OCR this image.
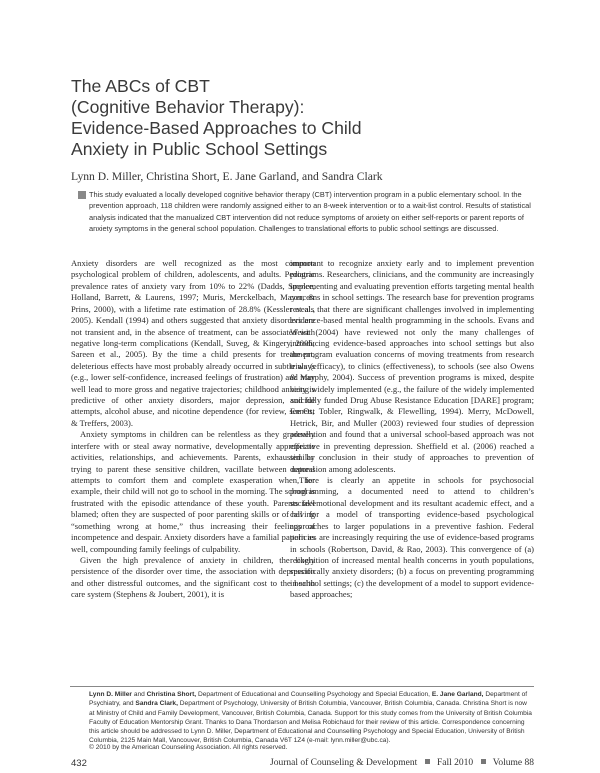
The ABCs of CBT
(Cognitive Behavior Therapy):
Evidence-Based Approaches to Child
Anxiety in Public School Settings

Lynn D. Miller, Christina Short, E. Jane Garland, and Sandra Clark

This study evaluated a locally developed cognitive behavior therapy (CBT) intervention program in a public elementary school. In the prevention approach, 118 children were randomly assigned either to an 8-week intervention or to a wait-list control. Results of statistical analysis indicated that the manualized CBT intervention did not reduce symptoms of anxiety on either self-reports or parent reports of anxiety symptoms in the general school population. Challenges to translational efforts to public school settings are discussed.

Anxiety disorders are well recognized as the most common psychological problem of children, adolescents, and adults. Pediatric prevalence rates of anxiety vary from 10% to 22% (Dadds, Spence, Holland, Barrett, & Laurens, 1997; Muris, Merckelbach, Mayer, & Prins, 2000), with a lifetime rate estimation of 28.8% (Kessler et al., 2005). Kendall (1994) and others suggested that anxiety disorders are not transient and, in the absence of treatment, can be associated with negative long-term complications (Kendall, Suveg, & Kingery, 2006; Sareen et al., 2005). By the time a child presents for treatment, deleterious effects have most probably already occurred in subtle ways (e.g., lower self-confidence, increased feelings of frustration) and may well lead to more gross and negative trajectories; childhood anxiety is predictive of other anxiety disorders, major depression, suicide attempts, alcohol abuse, and nicotine dependence (for review, see Ost & Treffers, 2003).

Anxiety symptoms in children can be relentless as they gradually interfere with or steal away normative, developmentally appropriate activities, relationships, and achievements. Parents, exhausted by trying to parent these sensitive children, vacillate between natural attempts to comfort them and complete exasperation when, for example, their child will not go to school in the morning. The school is frustrated with the episodic attendance of these youth. Parents feel blamed; often they are suspected of poor parenting skills or of having “something wrong at home,” thus increasing their feelings of incompetence and despair. Anxiety disorders have a familial pattern as well, compounding family feelings of culpability.

Given the high prevalence of anxiety in children, the likely persistence of the disorder over time, the association with depression and other distressful outcomes, and the significant cost to the health care system (Stephens & Joubert, 2001), it is

important to recognize anxiety early and to implement prevention programs. Researchers, clinicians, and the community are increasingly implementing and evaluating prevention efforts targeting mental health concerns in school settings. The research base for prevention programs reveals that there are significant challenges involved in implementing evidence-based mental health programming in the schools. Evans and Weist (2004) have reviewed not only the many challenges of introducing evidence-based approaches into school settings but also the program evaluation concerns of moving treatments from research trials (efficacy), to clinics (effectiveness), to schools (see also Owens & Murphy, 2004). Success of prevention programs is mixed, despite being widely implemented (e.g., the failure of the widely implemented and fully funded Drug Abuse Resistance Education [DARE] program; Ennett, Tobler, Ringwalk, & Flewelling, 1994). Merry, McDowell, Hetrick, Bir, and Muller (2003) reviewed four studies of depression prevention and found that a universal school-based approach was not effective in preventing depression. Sheffield et al. (2006) reached a similar conclusion in their study of approaches to prevention of depression among adolescents.

There is clearly an appetite in schools for psychosocial programming, a documented need to attend to children’s social/emotional development and its resultant academic effect, and a call for a model of transporting evidence-based psychological approaches to larger populations in a preventive fashion. Federal policies are increasingly requiring the use of evidence-based programs in schools (Robertson, David, & Rao, 2003). This convergence of (a) recognition of increased mental health concerns in youth populations, specifically anxiety disorders; (b) a focus on preventing programming in school settings; (c) the development of a model to support evidence-based approaches;

Lynn D. Miller and Christina Short, Department of Educational and Counselling Psychology and Special Education, E. Jane Garland, Department of Psychiatry, and Sandra Clark, Department of Psychology, University of British Columbia, Vancouver, British Columbia, Canada. Christina Short is now at Ministry of Child and Family Development, Vancouver, British Columbia, Canada. Support for this study comes from the University of British Columbia Faculty of Education Mentorship Grant. Thanks to Dana Thordarson and Melisa Robichaud for their review of this article. Correspondence concerning this article should be addressed to Lynn D. Miller, Department of Educational and Counselling Psychology and Special Education, University of British Columbia, 2125 Main Mall, Vancouver, British Columbia, Canada V6T 1Z4 (e-mail: lynn.miller@ubc.ca).

© 2010 by the American Counseling Association. All rights reserved.

432	Journal of Counseling & Development Fall 2010 Volume 88
